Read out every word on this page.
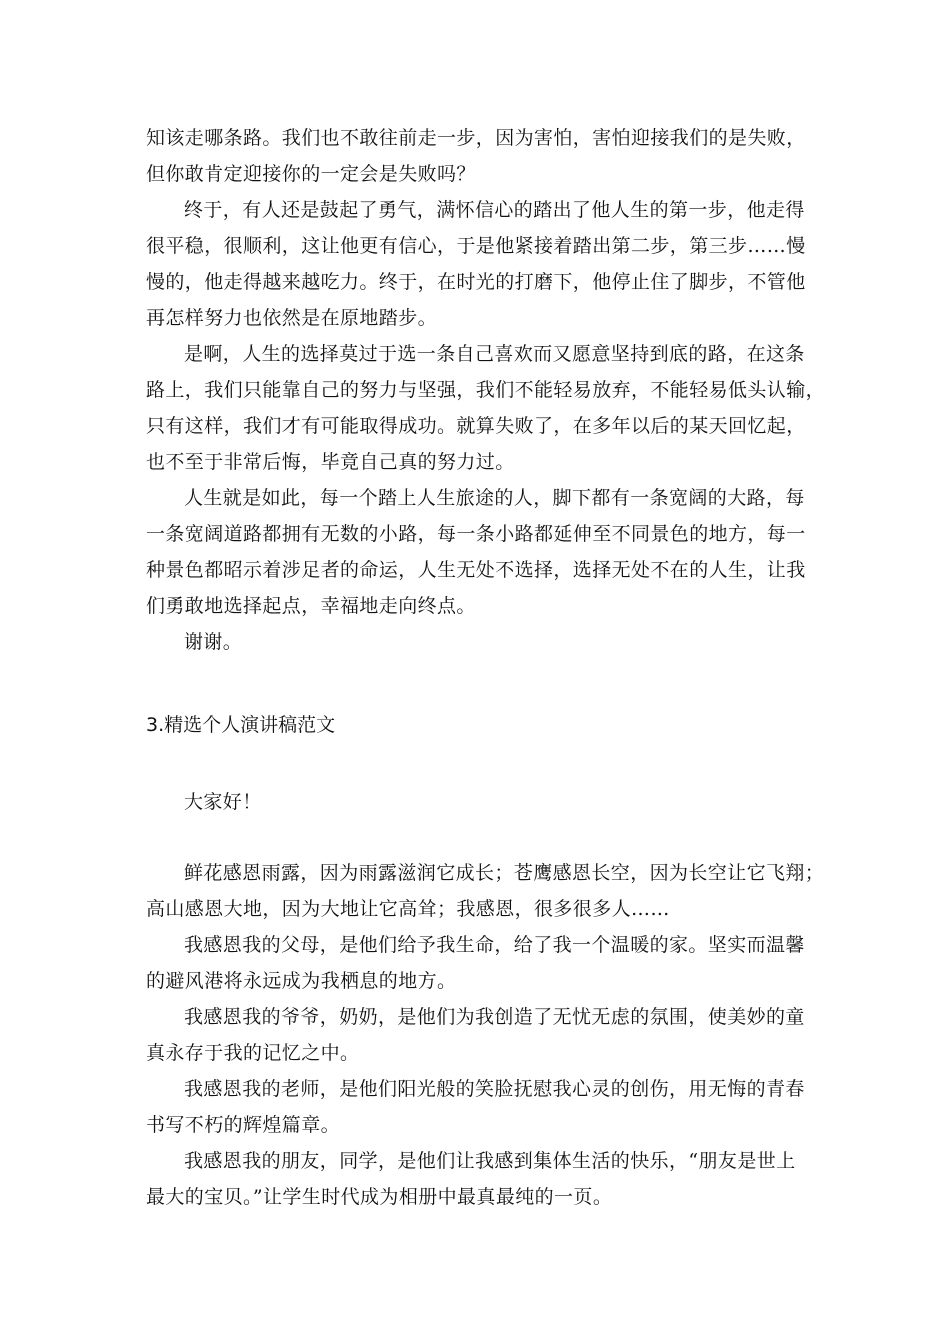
知该走哪条路。我们也不敢往前走一步，因为害怕，害怕迎接我们的是失败，
但你敢肯定迎接你的一定会是失败吗？
终于，有人还是鼓起了勇气，满怀信心的踏出了他人生的第一步，他走得
很平稳，很顺利，这让他更有信心，于是他紧接着踏出第二步，第三步……慢
慢的，他走得越来越吃力。终于，在时光的打磨下，他停止住了脚步，不管他
再怎样努力也依然是在原地踏步。
是啊，人生的选择莫过于选一条自己喜欢而又愿意坚持到底的路，在这条
路上，我们只能靠自己的努力与坚强，我们不能轻易放弃，不能轻易低头认输，
只有这样，我们才有可能取得成功。就算失败了，在多年以后的某天回忆起，
也不至于非常后悔，毕竟自己真的努力过。
人生就是如此，每一个踏上人生旅途的人，脚下都有一条宽阔的大路，每
一条宽阔道路都拥有无数的小路，每一条小路都延伸至不同景色的地方，每一
种景色都昭示着涉足者的命运，人生无处不选择，选择无处不在的人生，让我
们勇敢地选择起点，幸福地走向终点。
谢谢。
3.精选个人演讲稿范文
大家好！
鲜花感恩雨露，因为雨露滋润它成长；苍鹰感恩长空，因为长空让它飞翔；
高山感恩大地，因为大地让它高耸；我感恩，很多很多人……
我感恩我的父母，是他们给予我生命，给了我一个温暖的家。坚实而温馨
的避风港将永远成为我栖息的地方。
我感恩我的爷爷，奶奶，是他们为我创造了无忧无虑的氛围，使美妙的童
真永存于我的记忆之中。
我感恩我的老师，是他们阳光般的笑脸抚慰我心灵的创伤，用无悔的青春
书写不朽的辉煌篇章。
我感恩我的朋友，同学，是他们让我感到集体生活的快乐，“朋友是世上
最大的宝贝。”让学生时代成为相册中最真最纯的一页。
